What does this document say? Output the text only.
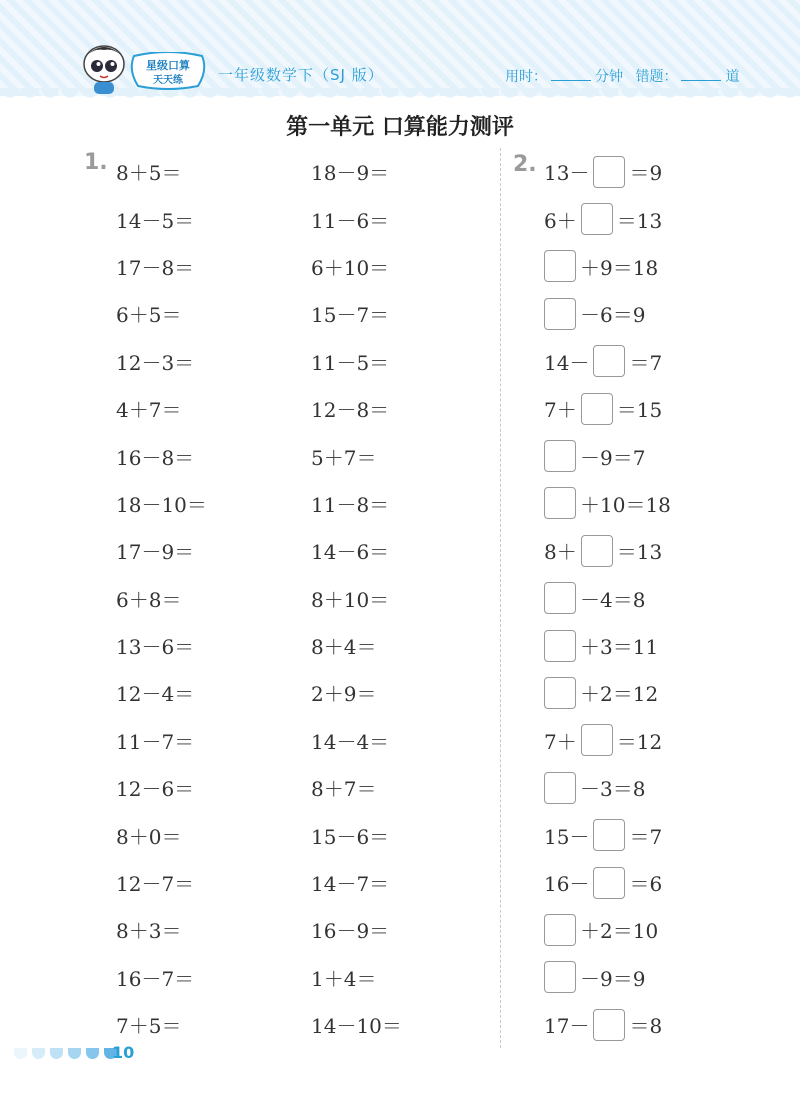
星级口算
天天练 一年级数学下（SJ 版）	用时：	分钟 错题：	道
第一单元 口算能力测评
1.	2.
8＋5＝
14－5＝
17－8＝
6＋5＝
12－3＝
4＋7＝
16－8＝
18－10＝
17－9＝
6＋8＝
13－6＝
12－4＝
11－7＝
12－6＝
8＋0＝
12－7＝
8＋3＝
16－7＝
7＋5＝
18－9＝
11－6＝
6＋10＝
15－7＝
11－5＝
12－8＝
5＋7＝
11－8＝
14－6＝
8＋10＝
8＋4＝
2＋9＝
14－4＝
8＋7＝
15－6＝
14－7＝
16－9＝
1＋4＝
14－10＝
13－ ＝9
6＋ ＝13
＋9＝18
－6＝9
14－ ＝7
7＋ ＝15
－9＝7
＋10＝18
8＋ ＝13
－4＝8
＋3＝11
＋2＝12
7＋ ＝12
－3＝8
15－ ＝7
16－ ＝6
＋2＝10
－9＝9
17－ ＝8
10
